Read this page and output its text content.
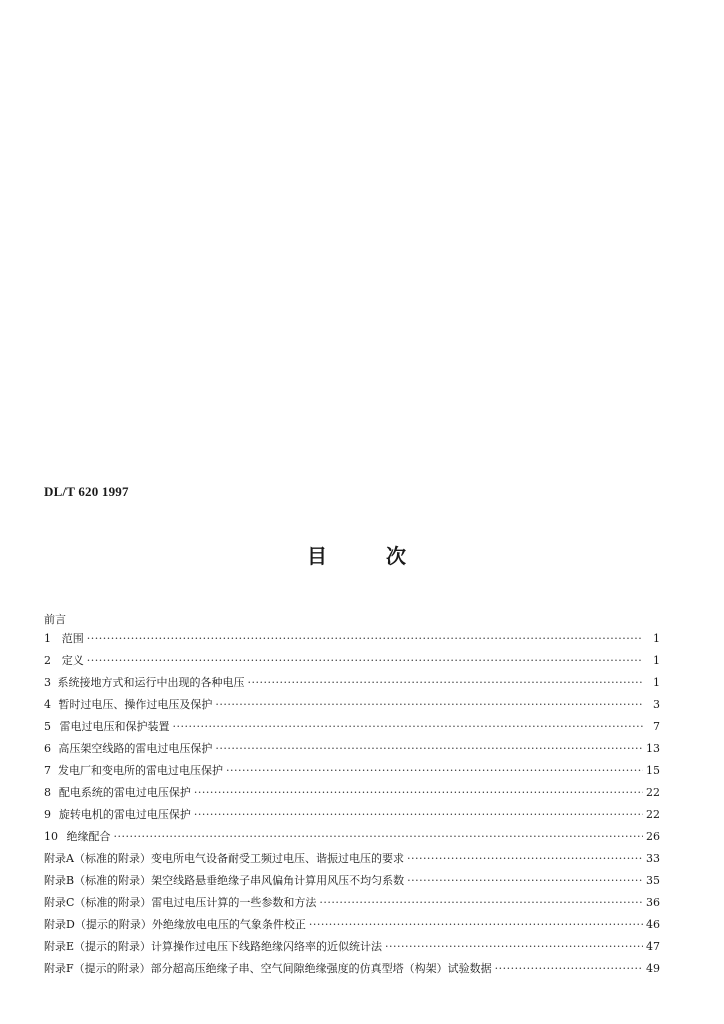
DL/T 620 1997
目	次
前言
1 范围 ·····	1
2 定义 ·····	1
3 系统接地方式和运行中出现的各种电压 ·····	1
4 暂时过电压、操作过电压及保护 ·····	3
5 雷电过电压和保护装置 ·····	7
6 高压架空线路的雷电过电压保护 ·····	13
7 发电厂和变电所的雷电过电压保护 ·····	15
8 配电系统的雷电过电压保护 ·····	22
9 旋转电机的雷电过电压保护 ·····	22
10 绝缘配合 ·····	26
附录A（标准的附录） 变电所电气设备耐受工频过电压、谐振过电压的要求 ·····	33
附录B（标准的附录） 架空线路悬垂绝缘子串风偏角计算用风压不均匀系数 ·····	35
附录C（标准的附录） 雷电过电压计算的一些参数和方法 ·····	36
附录D（提示的附录） 外绝缘放电电压的气象条件校正 ·····	46
附录E（提示的附录） 计算操作过电压下线路绝缘闪络率的近似统计法 ·····	47
附录F（提示的附录） 部分超高压绝缘子串、空气间隙绝缘强度的仿真型塔（构架）试验数据 ·····	49
